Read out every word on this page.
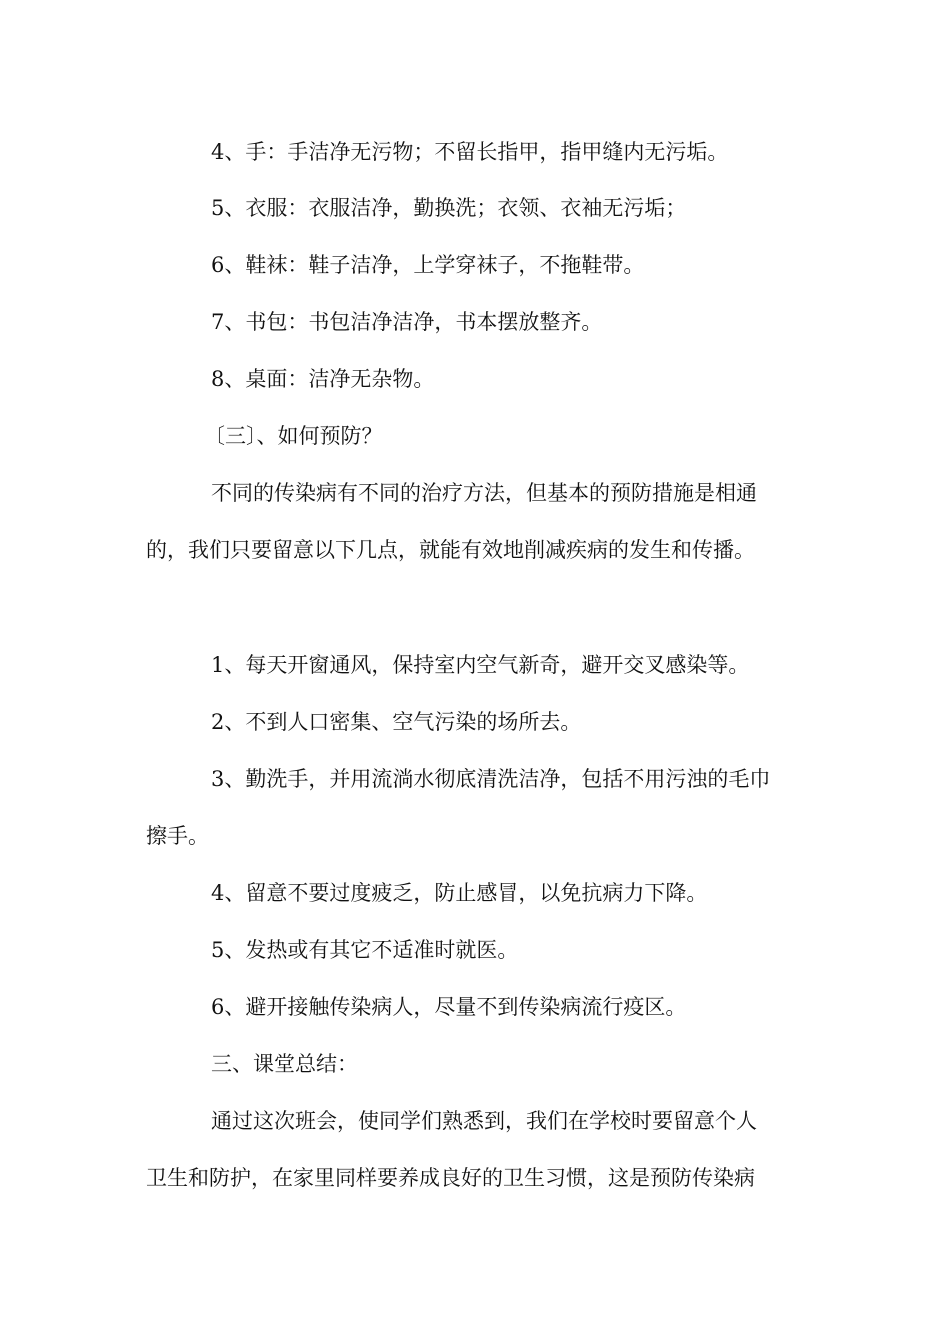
4、手：手洁净无污物；不留长指甲，指甲缝内无污垢。
5、衣服：衣服洁净，勤换洗；衣领、衣袖无污垢；
6、鞋袜：鞋子洁净，上学穿袜子，不拖鞋带。
7、书包：书包洁净洁净，书本摆放整齐。
8、桌面：洁净无杂物。
〔三〕、如何预防？
不同的传染病有不同的治疗方法，但基本的预防措施是相通
的，我们只要留意以下几点，就能有效地削减疾病的发生和传播。
1、每天开窗通风，保持室内空气新奇，避开交叉感染等。
2、不到人口密集、空气污染的场所去。
3、勤洗手，并用流淌水彻底清洗洁净，包括不用污浊的毛巾
擦手。
4、留意不要过度疲乏，防止感冒，以免抗病力下降。
5、发热或有其它不适准时就医。
6、避开接触传染病人，尽量不到传染病流行疫区。
三、课堂总结：
通过这次班会，使同学们熟悉到，我们在学校时要留意个人
卫生和防护，在家里同样要养成良好的卫生习惯，这是预防传染病
